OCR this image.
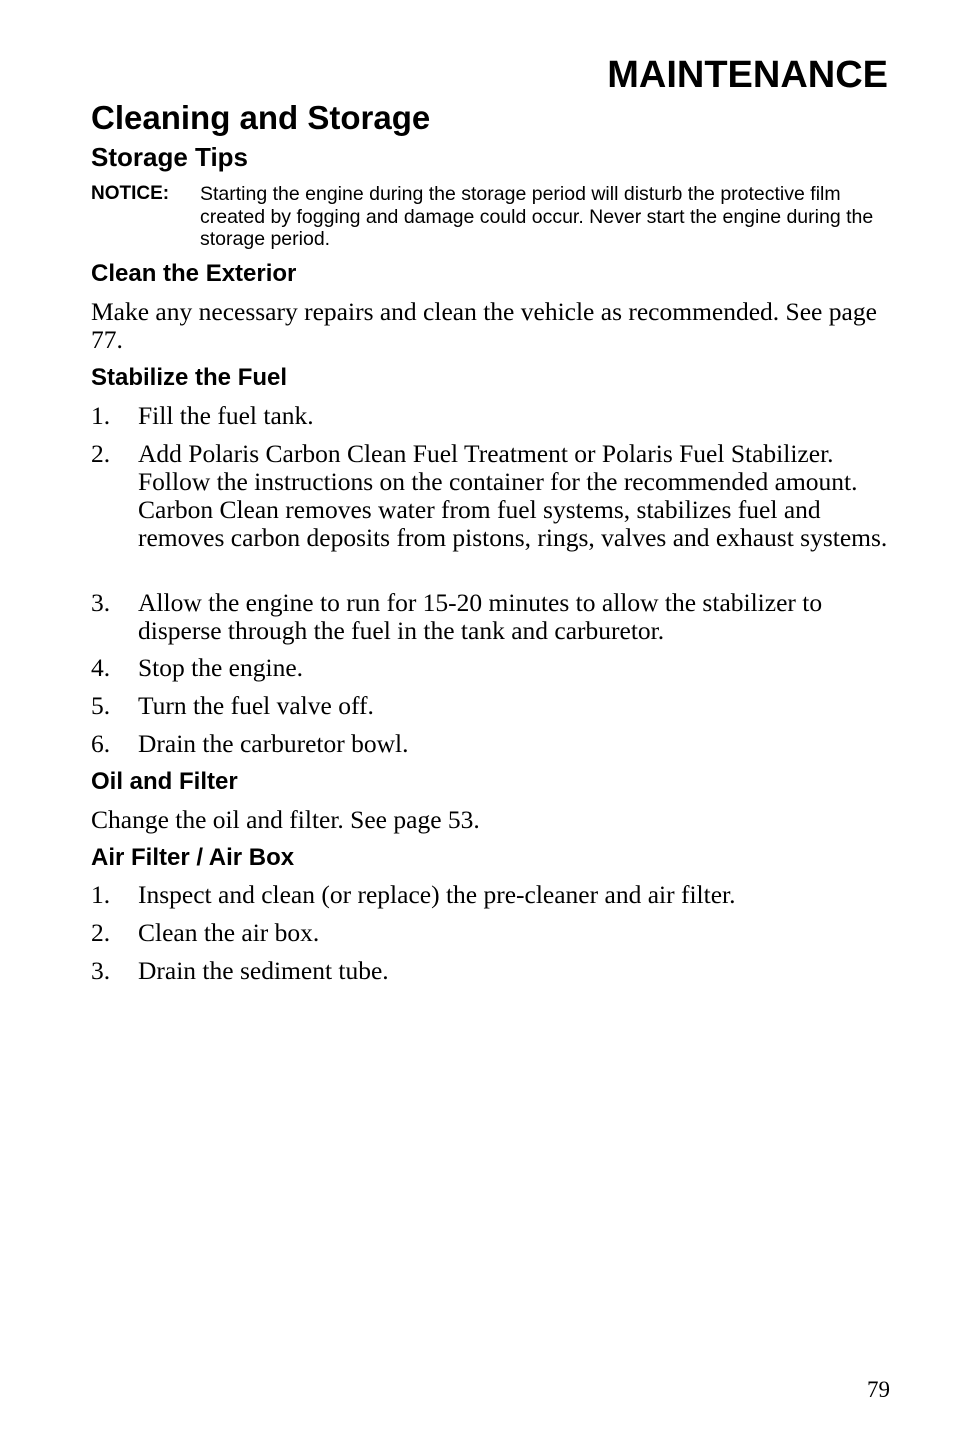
MAINTENANCE
Cleaning and Storage
Storage Tips
NOTICE: Starting the engine during the storage period will disturb the protective film created by fogging and damage could occur. Never start the engine during the storage period.
Clean the Exterior
Make any necessary repairs and clean the vehicle as recommended. See page 77.
Stabilize the Fuel
1. Fill the fuel tank.
2. Add Polaris Carbon Clean Fuel Treatment or Polaris Fuel Stabilizer. Follow the instructions on the container for the recommended amount. Carbon Clean removes water from fuel systems, stabilizes fuel and removes carbon deposits from pistons, rings, valves and exhaust systems.
3. Allow the engine to run for 15-20 minutes to allow the stabilizer to disperse through the fuel in the tank and carburetor.
4. Stop the engine.
5. Turn the fuel valve off.
6. Drain the carburetor bowl.
Oil and Filter
Change the oil and filter. See page 53.
Air Filter / Air Box
1. Inspect and clean (or replace) the pre-cleaner and air filter.
2. Clean the air box.
3. Drain the sediment tube.
79
